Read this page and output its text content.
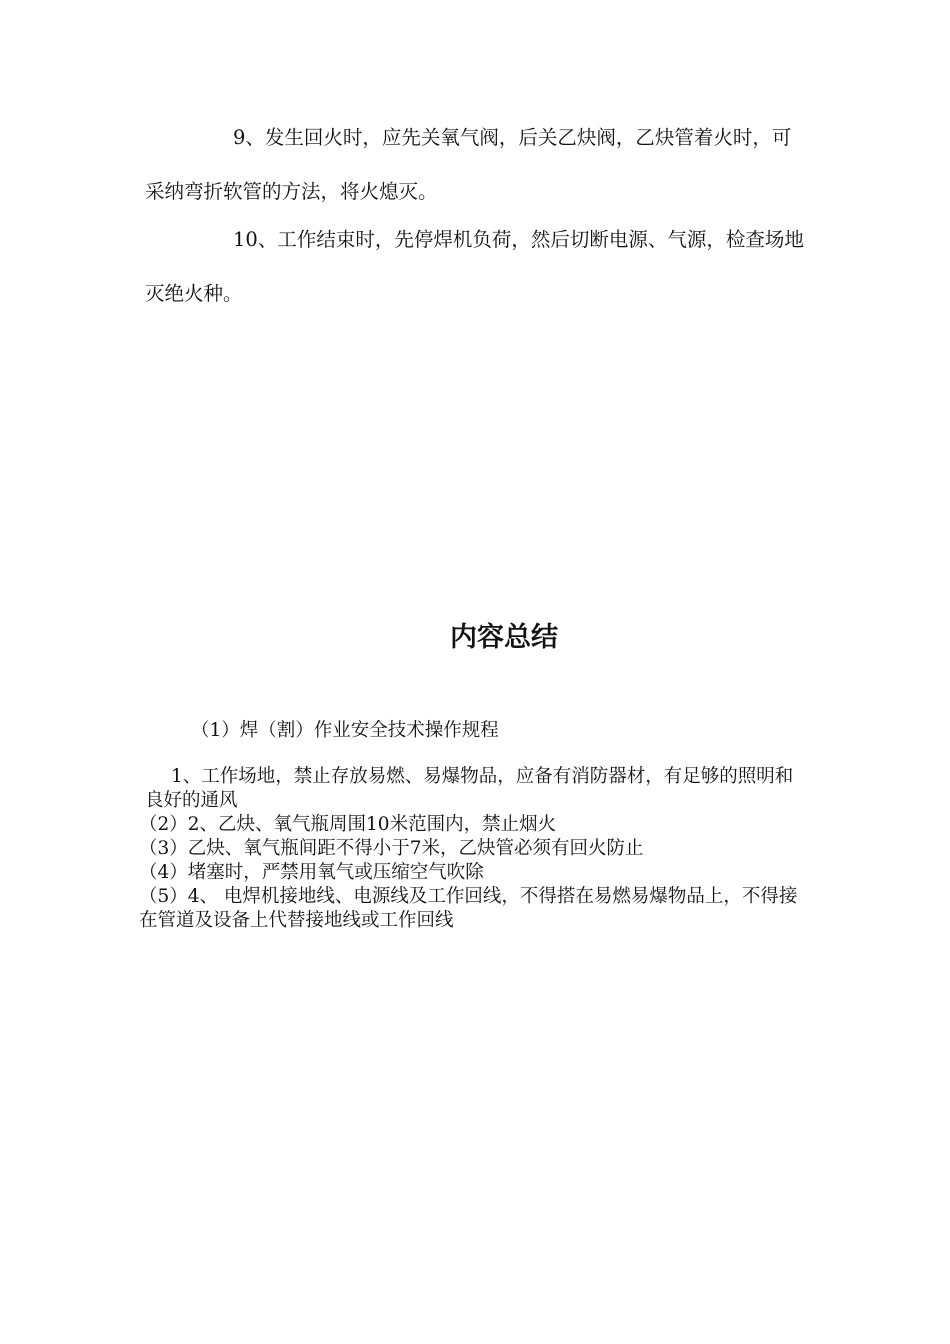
9、发生回火时，应先关氧气阀，后关乙炔阀，乙炔管着火时，可采纳弯折软管的方法，将火熄灭。

10、工作结束时，先停焊机负荷，然后切断电源、气源，检查场地灭绝火种。

内容总结

（1）焊（割）作业安全技术操作规程

1、工作场地，禁止存放易燃、易爆物品，应备有消防器材，有足够的照明和良好的通风
（2）2、乙炔、氧气瓶周围10米范围内，禁止烟火
（3）乙炔、氧气瓶间距不得小于7米，乙炔管必须有回火防止
（4）堵塞时，严禁用氧气或压缩空气吹除
（5）4、 电焊机接地线、电源线及工作回线，不得搭在易燃易爆物品上，不得接在管道及设备上代替接地线或工作回线
